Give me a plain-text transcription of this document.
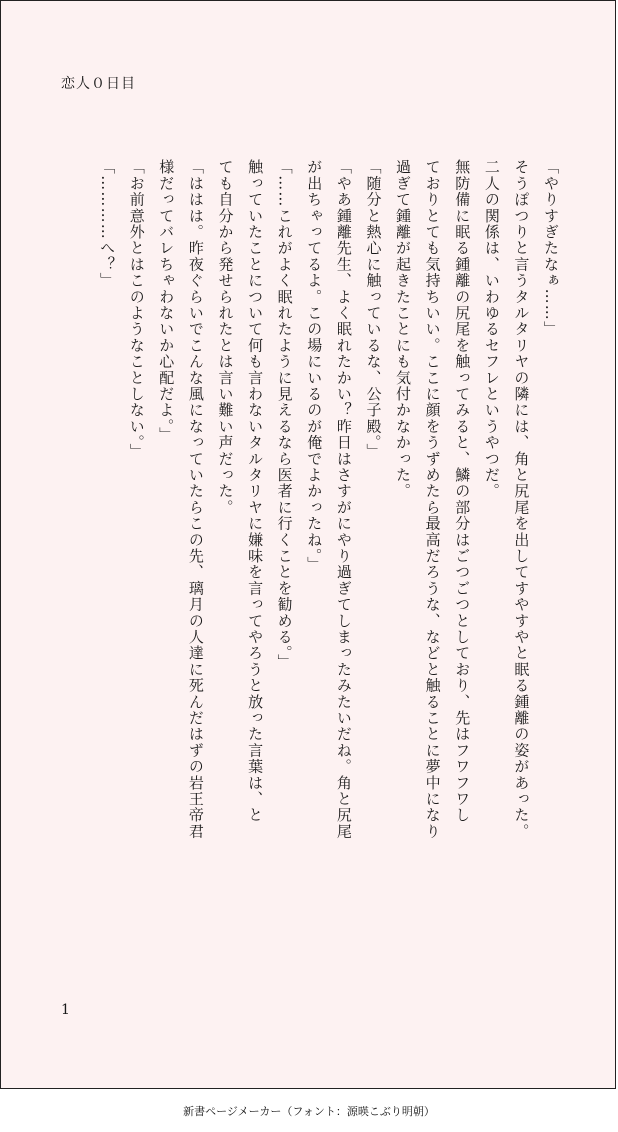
恋人０日目

「やりすぎたなぁ……」

そうぽつりと言うタルタリヤの隣には、角と尻尾を出してすやすやと眠る鍾離の姿があった。

二人の関係は、いわゆるセフレというやつだ。

無防備に眠る鍾離の尻尾を触ってみると、鱗の部分はごつごつとしており、先はフワフワし

ておりとても気持ちいい。ここに顔をうずめたら最高だろうな、などと触ることに夢中になり

過ぎて鍾離が起きたことにも気付かなかった。

「随分と熱心に触っているな、公子殿。」

「やあ鍾離先生、よく眠れたかい？昨日はさすがにやり過ぎてしまったみたいだね。角と尻尾

が出ちゃってるよ。この場にいるのが俺でよかったね。」

「……これがよく眠れたように見えるなら医者に行くことを勧める。」

触っていたことについて何も言わないタルタリヤに嫌味を言ってやろうと放った言葉は、と

ても自分から発せられたとは言い難い声だった。

「ははは。昨夜ぐらいでこんな風になっていたらこの先、璃月の人達に死んだはずの岩王帝君

様だってバレちゃわないか心配だよ。」

「お前意外とはこのようなことしない。」

「…………へ？」

1
新書ページメーカー（フォント：源暎こぶり明朝）
